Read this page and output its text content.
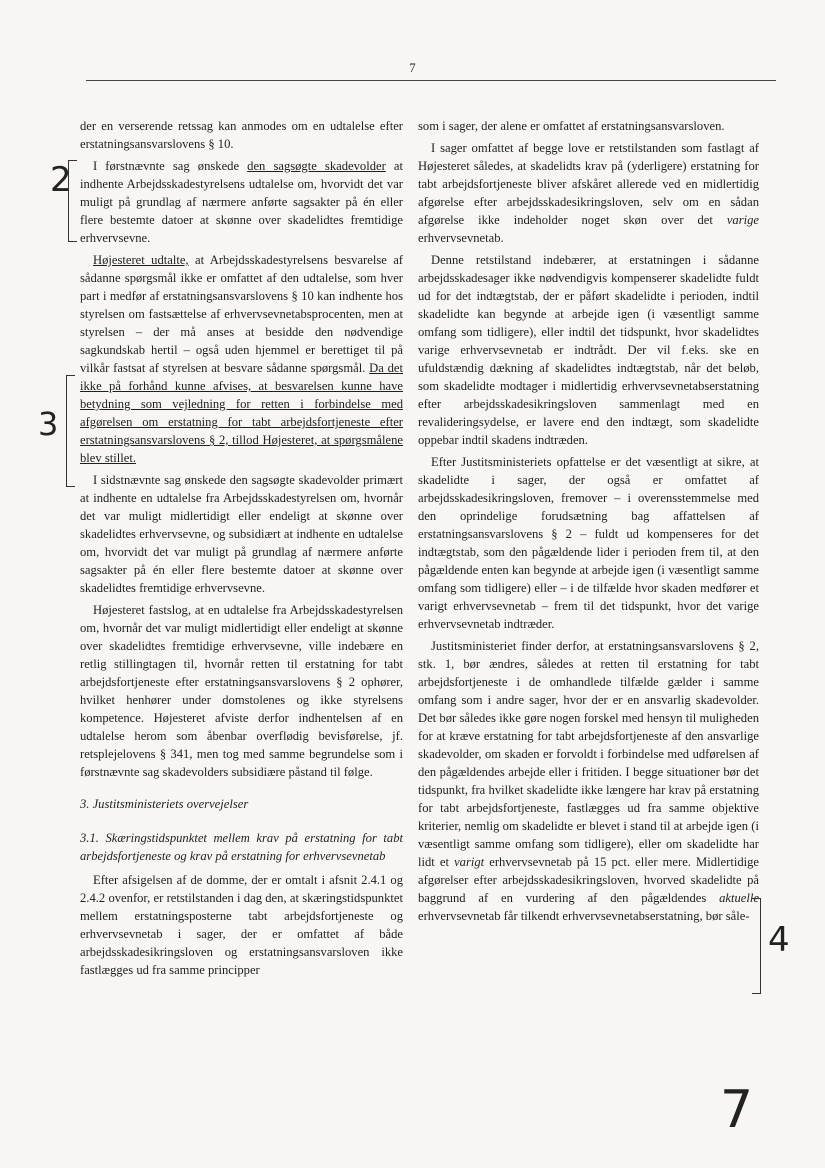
7

der en verserende retssag kan anmodes om en udtalelse efter erstatningsansvarslovens § 10.

I førstnævnte sag ønskede den sagsøgte skadevolder at indhente Arbejdsskadestyrelsens udtalelse om, hvorvidt det var muligt på grundlag af nærmere anførte sagsakter på én eller flere bestemte datoer at skønne over skadelidtes fremtidige erhvervsevne.

Højesteret udtalte, at Arbejdsskadestyrelsens besvarelse af sådanne spørgsmål ikke er omfattet af den udtalelse, som hver part i medfør af erstatningsansvarslovens § 10 kan indhente hos styrelsen om fastsættelse af erhvervsevnetabsprocenten, men at styrelsen – der må anses at besidde den nødvendige sagkundskab hertil – også uden hjemmel er berettiget til på vilkår fastsat af styrelsen at besvare sådanne spørgsmål. Da det ikke på forhånd kunne afvises, at besvarelsen kunne have betydning som vejledning for retten i forbindelse med afgørelsen om erstatning for tabt arbejdsfortjeneste efter erstatningsansvarslovens § 2, tillod Højesteret, at spørgsmålene blev stillet.

I sidstnævnte sag ønskede den sagsøgte skadevolder primært at indhente en udtalelse fra Arbejdsskadestyrelsen om, hvornår det var muligt midlertidigt eller endeligt at skønne over skadelidtes erhvervsevne, og subsidiært at indhente en udtalelse om, hvorvidt det var muligt på grundlag af nærmere anførte sagsakter på én eller flere bestemte datoer at skønne over skadelidtes fremtidige erhvervsevne.

Højesteret fastslog, at en udtalelse fra Arbejdsskadestyrelsen om, hvornår det var muligt midlertidigt eller endeligt at skønne over skadelidtes fremtidige erhvervsevne, ville indebære en retlig stillingtagen til, hvornår retten til erstatning for tabt arbejdsfortjeneste efter erstatningsansvarslovens § 2 ophører, hvilket henhører under domstolenes og ikke styrelsens kompetence. Højesteret afviste derfor indhentelsen af en udtalelse herom som åbenbar overflødig bevisførelse, jf. retsplejelovens § 341, men tog med samme begrundelse som i førstnævnte sag skadevolders subsidiære påstand til følge.

3. Justitsministeriets overvejelser

3.1. Skæringstidspunktet mellem krav på erstatning for tabt arbejdsfortjeneste og krav på erstatning for erhvervsevnetab

Efter afsigelsen af de domme, der er omtalt i afsnit 2.4.1 og 2.4.2 ovenfor, er retstilstanden i dag den, at skæringstidspunktet mellem erstatningsposterne tabt arbejdsfortjeneste og erhvervsevnetab i sager, der er omfattet af både arbejdsskadesikringsloven og erstatningsansvarsloven ikke fastlægges ud fra samme principper

som i sager, der alene er omfattet af erstatningsansvarsloven.

I sager omfattet af begge love er retstilstanden som fastlagt af Højesteret således, at skadelidts krav på (yderligere) erstatning for tabt arbejdsfortjeneste bliver afskåret allerede ved en midlertidig afgørelse efter arbejdsskadesikringsloven, selv om en sådan afgørelse ikke indeholder noget skøn over det varige erhvervsevnetab.

Denne retstilstand indebærer, at erstatningen i sådanne arbejdsskadesager ikke nødvendigvis kompenserer skadelidte fuldt ud for det indtægtstab, der er påført skadelidte i perioden, indtil skadelidte kan begynde at arbejde igen (i væsentligt samme omfang som tidligere), eller indtil det tidspunkt, hvor skadelidtes varige erhvervsevnetab er indtrådt. Der vil f.eks. ske en ufuldstændig dækning af skadelidtes indtægtstab, når det beløb, som skadelidte modtager i midlertidig erhvervsevnetabserstatning efter arbejdsskadesikringsloven sammenlagt med en revalideringsydelse, er lavere end den indtægt, som skadelidte oppebar indtil skadens indtræden.

Efter Justitsministeriets opfattelse er det væsentligt at sikre, at skadelidte i sager, der også er omfattet af arbejdsskadesikringsloven, fremover – i overensstemmelse med den oprindelige forudsætning bag affattelsen af erstatningsansvarslovens § 2 – fuldt ud kompenseres for det indtægtstab, som den pågældende lider i perioden frem til, at den pågældende enten kan begynde at arbejde igen (i væsentligt samme omfang som tidligere) eller – i de tilfælde hvor skaden medfører et varigt erhvervsevnetab – frem til det tidspunkt, hvor det varige erhvervsevnetab indtræder.

Justitsministeriet finder derfor, at erstatningsansvarslovens § 2, stk. 1, bør ændres, således at retten til erstatning for tabt arbejdsfortjeneste i de omhandlede tilfælde gælder i samme omfang som i andre sager, hvor der er en ansvarlig skadevolder. Det bør således ikke gøre nogen forskel med hensyn til muligheden for at kræve erstatning for tabt arbejdsfortjeneste af den ansvarlige skadevolder, om skaden er forvoldt i forbindelse med udførelsen af den pågældendes arbejde eller i fritiden. I begge situationer bør det tidspunkt, fra hvilket skadelidte ikke længere har krav på erstatning for tabt arbejdsfortjeneste, fastlægges ud fra samme objektive kriterier, nemlig om skadelidte er blevet i stand til at arbejde igen (i væsentligt samme omfang som tidligere), eller om skadelidte har lidt et varigt erhvervsevnetab på 15 pct. eller mere. Midlertidige afgørelser efter arbejdsskadesikringsloven, hvorved skadelidte på baggrund af en vurdering af den pågældendes aktuelle erhvervsevnetab får tilkendt erhvervsevnetabserstatning, bør såle-

2
3
4
7
